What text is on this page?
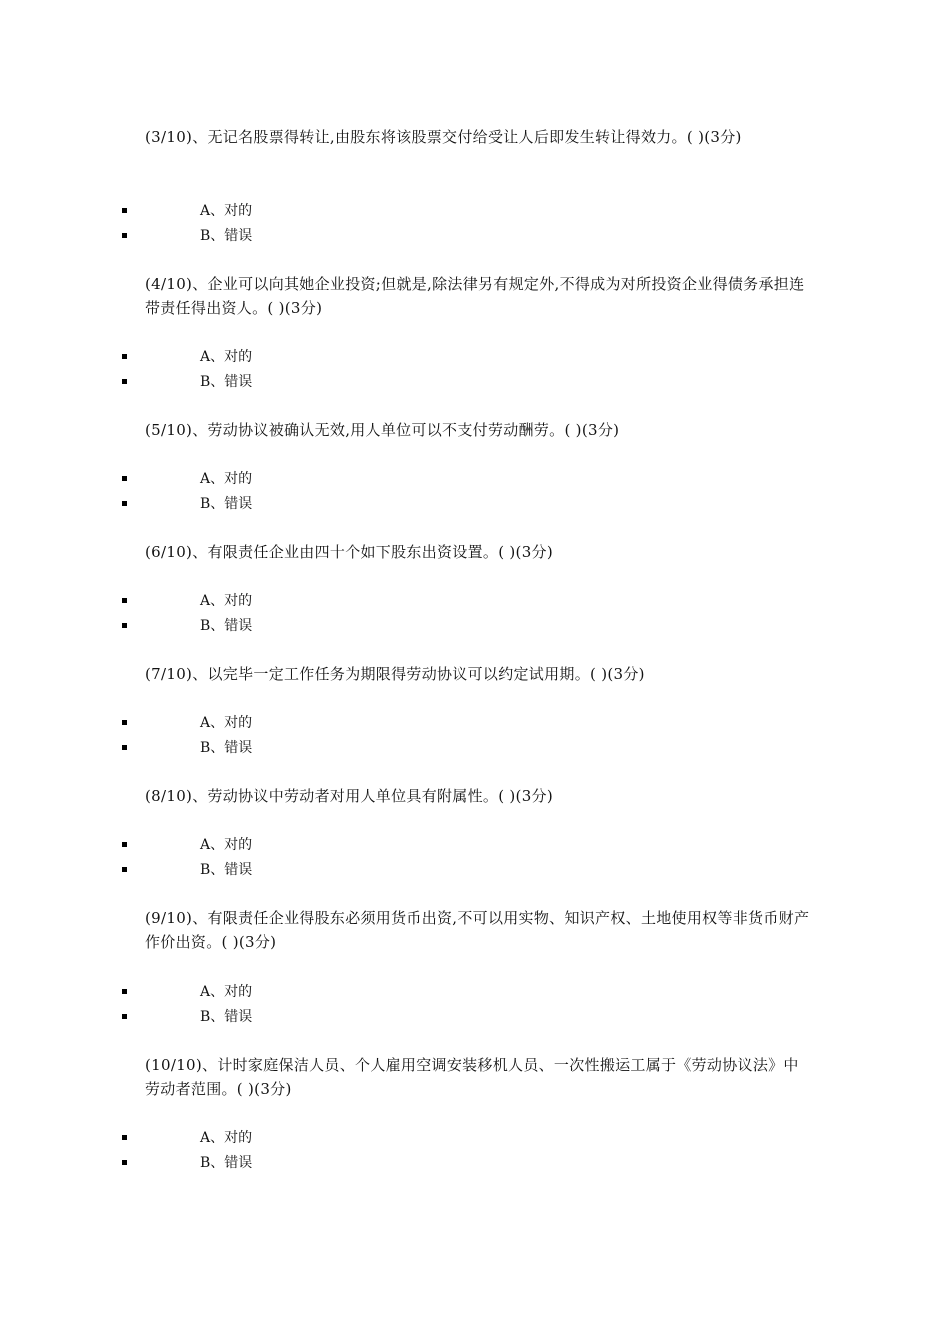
(3/10)、无记名股票得转让,由股东将该股票交付给受让人后即发生转让得效力。( )(3分)

A、对的
B、错误

(4/10)、企业可以向其她企业投资;但就是,除法律另有规定外,不得成为对所投资企业得债务承担连带责任得出资人。( )(3分)

A、对的
B、错误

(5/10)、劳动协议被确认无效,用人单位可以不支付劳动酬劳。( )(3分)

A、对的
B、错误

(6/10)、有限责任企业由四十个如下股东出资设置。( )(3分)

A、对的
B、错误

(7/10)、以完毕一定工作任务为期限得劳动协议可以约定试用期。( )(3分)

A、对的
B、错误

(8/10)、劳动协议中劳动者对用人单位具有附属性。( )(3分)

A、对的
B、错误

(9/10)、有限责任企业得股东必须用货币出资,不可以用实物、知识产权、土地使用权等非货币财产作价出资。( )(3分)

A、对的
B、错误

(10/10)、计时家庭保洁人员、个人雇用空调安装移机人员、一次性搬运工属于《劳动协议法》中劳动者范围。( )(3分)

A、对的
B、错误
